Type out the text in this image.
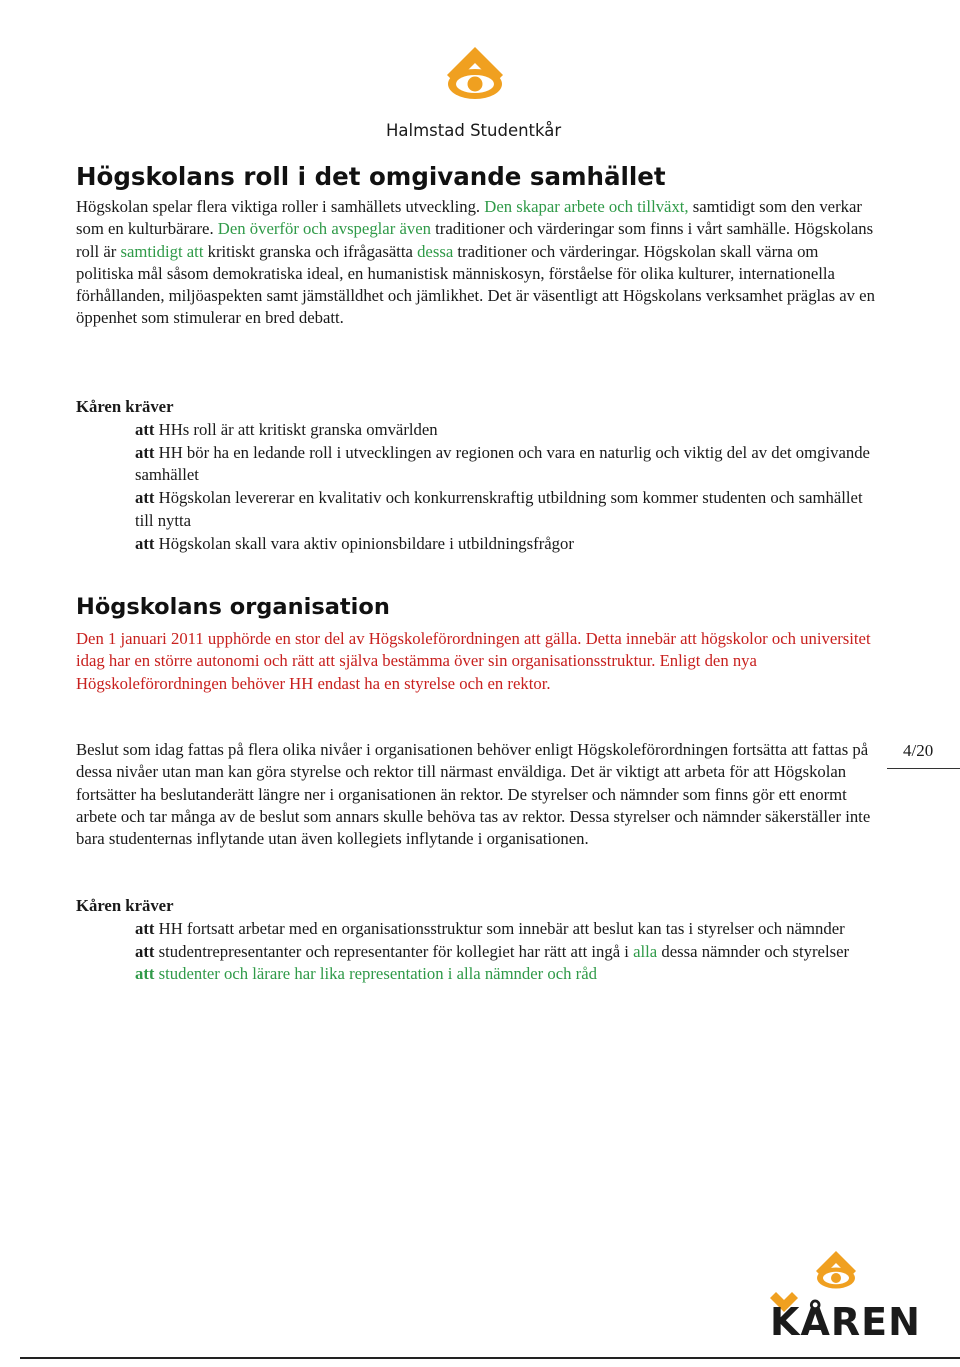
Halmstad Studentkår

Högskolans roll i det omgivande samhället

Högskolan spelar flera viktiga roller i samhällets utveckling. Den skapar arbete och tillväxt, samtidigt som den verkar som en kulturbärare. Den överför och avspeglar även traditioner och värderingar som finns i vårt samhälle. Högskolans roll är samtidigt att kritiskt granska och ifrågasätta dessa traditioner och värderingar. Högskolan skall värna om politiska mål såsom demokratiska ideal, en humanistisk människosyn, förståelse för olika kulturer, internationella förhållanden, miljöaspekten samt jämställdhet och jämlikhet. Det är väsentligt att Högskolans verksamhet präglas av en öppenhet som stimulerar en bred debatt.

Kåren kräver

att HHs roll är att kritiskt granska omvärlden
att HH bör ha en ledande roll i utvecklingen av regionen och vara en naturlig och viktig del av det omgivande samhället
att Högskolan levererar en kvalitativ och konkurrenskraftig utbildning som kommer studenten och samhället till nytta
att Högskolan skall vara aktiv opinionsbildare i utbildningsfrågor
Högskolans organisation

Den 1 januari 2011 upphörde en stor del av Högskoleförordningen att gälla. Detta innebär att högskolor och universitet idag har en större autonomi och rätt att själva bestämma över sin organisationsstruktur. Enligt den nya Högskoleförordningen behöver HH endast ha en styrelse och en rektor.

Beslut som idag fattas på flera olika nivåer i organisationen behöver enligt Högskoleförordningen fortsätta att fattas på dessa nivåer utan man kan göra styrelse och rektor till närmast enväldiga. Det är viktigt att arbeta för att Högskolan fortsätter ha beslutanderätt längre ner i organisationen än rektor. De styrelser och nämnder som finns gör ett enormt arbete och tar många av de beslut som annars skulle behöva tas av rektor. Dessa styrelser och nämnder säkerställer inte bara studenternas inflytande utan även kollegiets inflytande i organisationen.

Kåren kräver

att HH fortsatt arbetar med en organisationsstruktur som innebär att beslut kan tas i styrelser och nämnder
att studentrepresentanter och representanter för kollegiet har rätt att ingå i alla dessa nämnder och styrelser
att studenter och lärare har lika representation i alla nämnder och råd

4/20

KÅREN
